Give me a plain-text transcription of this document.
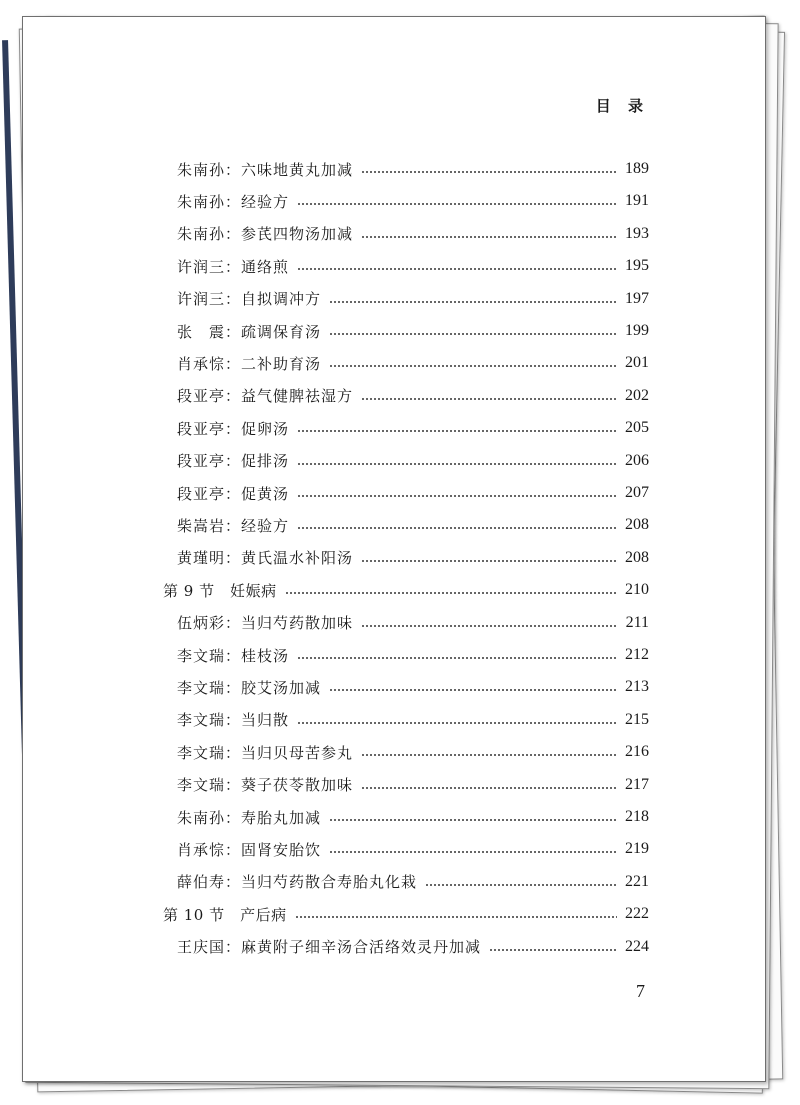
目 录
朱南孙：六味地黄丸加减	189
朱南孙：经验方	191
朱南孙：参芪四物汤加减	193
许润三：通络煎	195
许润三：自拟调冲方	197
张　震：疏调保育汤	199
肖承悰：二补助育汤	201
段亚亭：益气健脾祛湿方	202
段亚亭：促卵汤	205
段亚亭：促排汤	206
段亚亭：促黄汤	207
柴嵩岩：经验方	208
黄瑾明：黄氏温水补阳汤	208
第 9 节　妊娠病	210
伍炳彩：当归芍药散加味	211
李文瑞：桂枝汤	212
李文瑞：胶艾汤加减	213
李文瑞：当归散	215
李文瑞：当归贝母苦参丸	216
李文瑞：葵子茯苓散加味	217
朱南孙：寿胎丸加减	218
肖承悰：固肾安胎饮	219
薛伯寿：当归芍药散合寿胎丸化栽	221
第 10 节　产后病	222
王庆国：麻黄附子细辛汤合活络效灵丹加减	224
7
